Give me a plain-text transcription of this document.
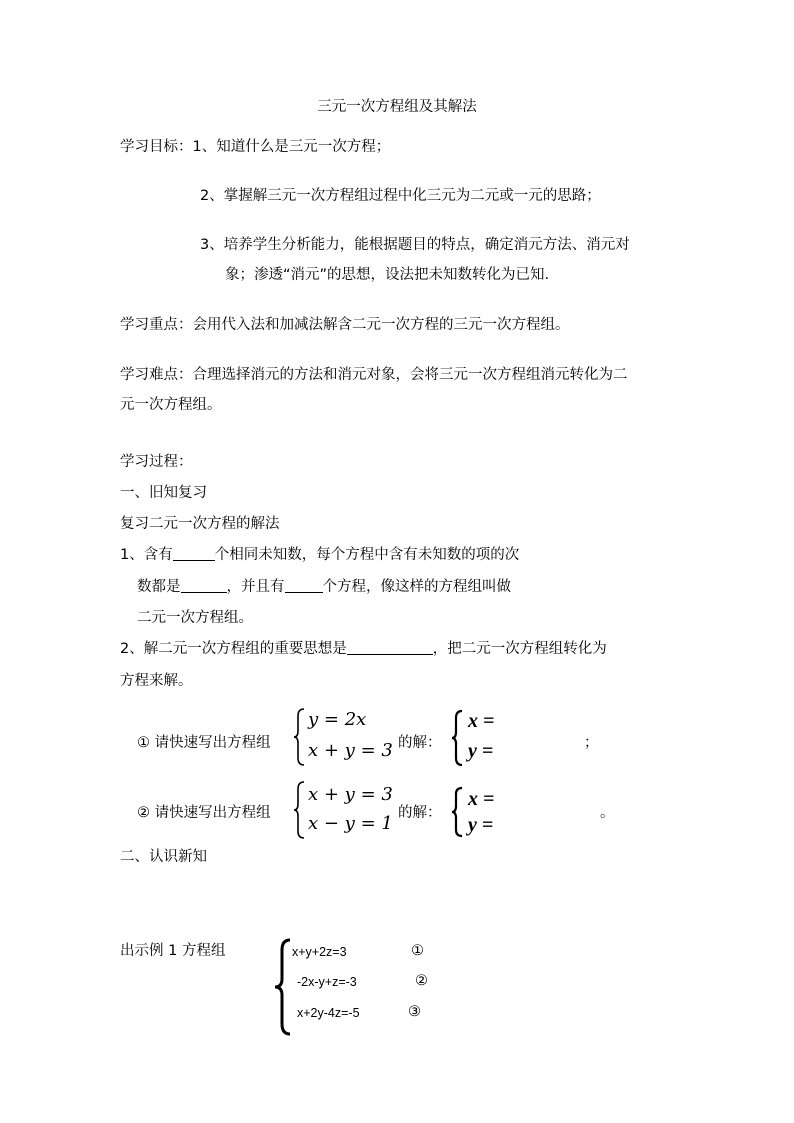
三元一次方程组及其解法
学习目标：1、知道什么是三元一次方程；
2、掌握解三元一次方程组过程中化三元为二元或一元的思路；
3、培养学生分析能力，能根据题目的特点，确定消元方法、消元对
象；渗透“消元”的思想，设法把未知数转化为已知.
学习重点：会用代入法和加减法解含二元一次方程的三元一次方程组。
学习难点：合理选择消元的方法和消元对象，会将三元一次方程组消元转化为二
元一次方程组。
学习过程：
一、旧知复习
复习二元一次方程的解法
1、含有	个相同未知数，每个方程中含有未知数的项的次
数都是	，并且有	个方程，像这样的方程组叫做
二元一次方程组。
2、解二元一次方程组的重要思想是	，把二元一次方程组转化为
方程来解。
① 请快速写出方程组
y = 2x
x + y = 3 的解：
x =
y =	；
② 请快速写出方程组
x + y = 3
x − y = 1 的解：
x =
y =
。
二、认识新知
出示例 1 方程组	x+y+2z=3	①
-2x-y+z=-3	②
x+2y-4z=-5	③
